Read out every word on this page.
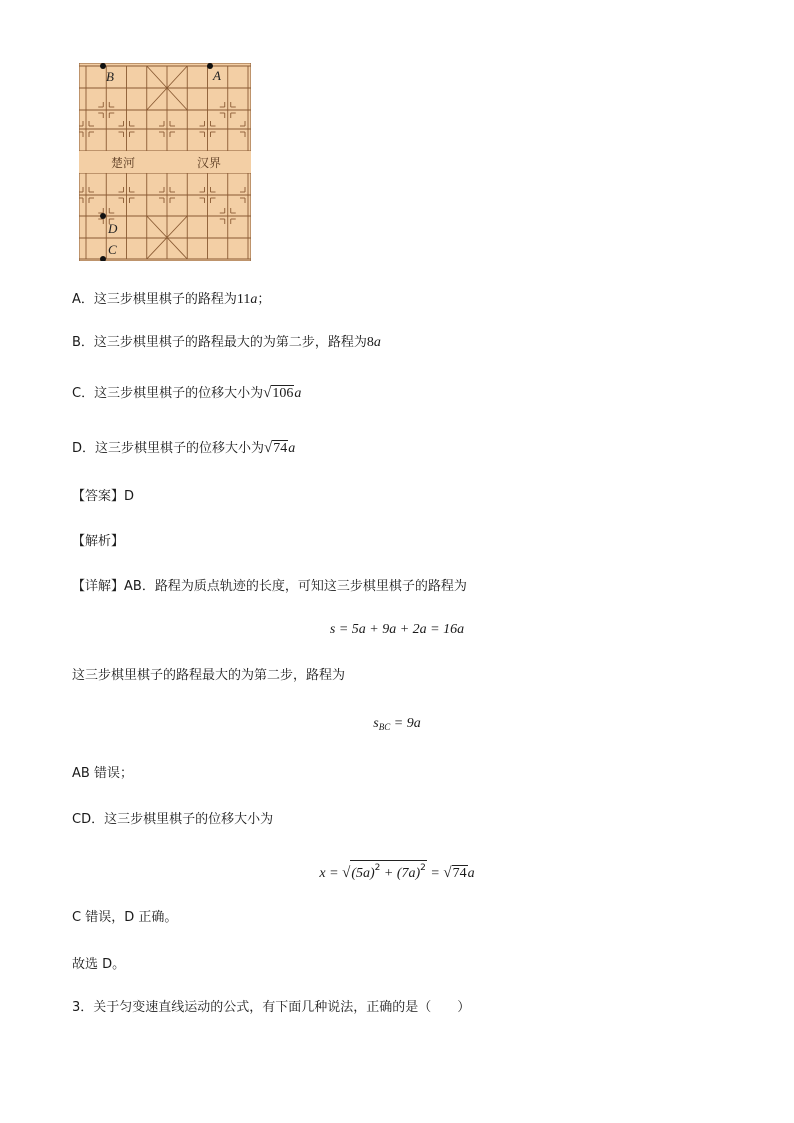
楚河	汉界
B	A
D
C
A．这三步棋里棋子的路程为11a；
B．这三步棋里棋子的路程最大的为第二步，路程为8a
C．这三步棋里棋子的位移大小为√106a
D．这三步棋里棋子的位移大小为√74a
【答案】D
【解析】
【详解】AB．路程为质点轨迹的长度，可知这三步棋里棋子的路程为
s = 5a + 9a + 2a = 16a
这三步棋里棋子的路程最大的为第二步，路程为
$s_{BC} = 9a$
AB 错误；
CD．这三步棋里棋子的位移大小为
$x = √(5a)^2 + (7a)^2 = √74a$
C 错误，D 正确。
故选 D。
3．关于匀变速直线运动的公式，有下面几种说法，正确的是（　　）
